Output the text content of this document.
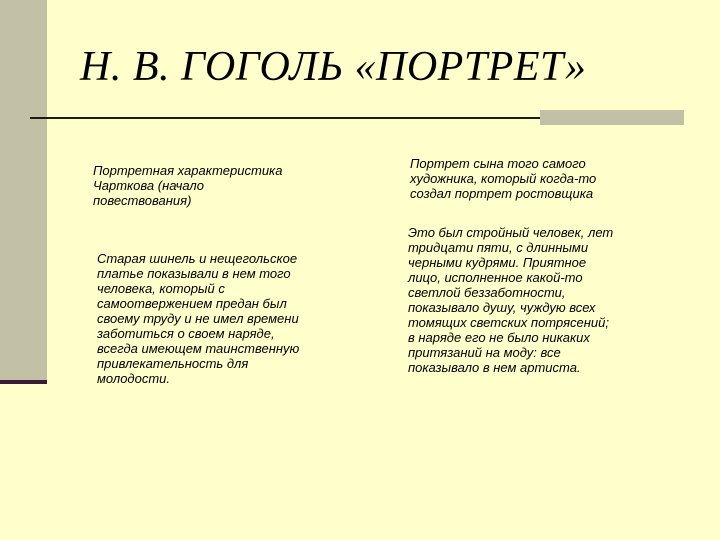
Н. В. ГОГОЛЬ «ПОРТРЕТ»
Портретная характеристика
Чарткова (начало
повествования)
Старая шинель и нещегольское
платье показывали в нем того
человека, который с
самоотвержением предан был
своему труду и не имел времени
заботиться о своем наряде,
всегда имеющем таинственную
привлекательность для
молодости.
Портрет сына того самого
художника, который когда-то
создал портрет ростовщика
Это был стройный человек, лет
тридцати пяти, с длинными
черными кудрями. Приятное
лицо, исполненное какой-то
светлой беззаботности,
показывало душу, чуждую всех
томящих светских потрясений;
в наряде его не было никаких
притязаний на моду: все
показывало в нем артиста.
